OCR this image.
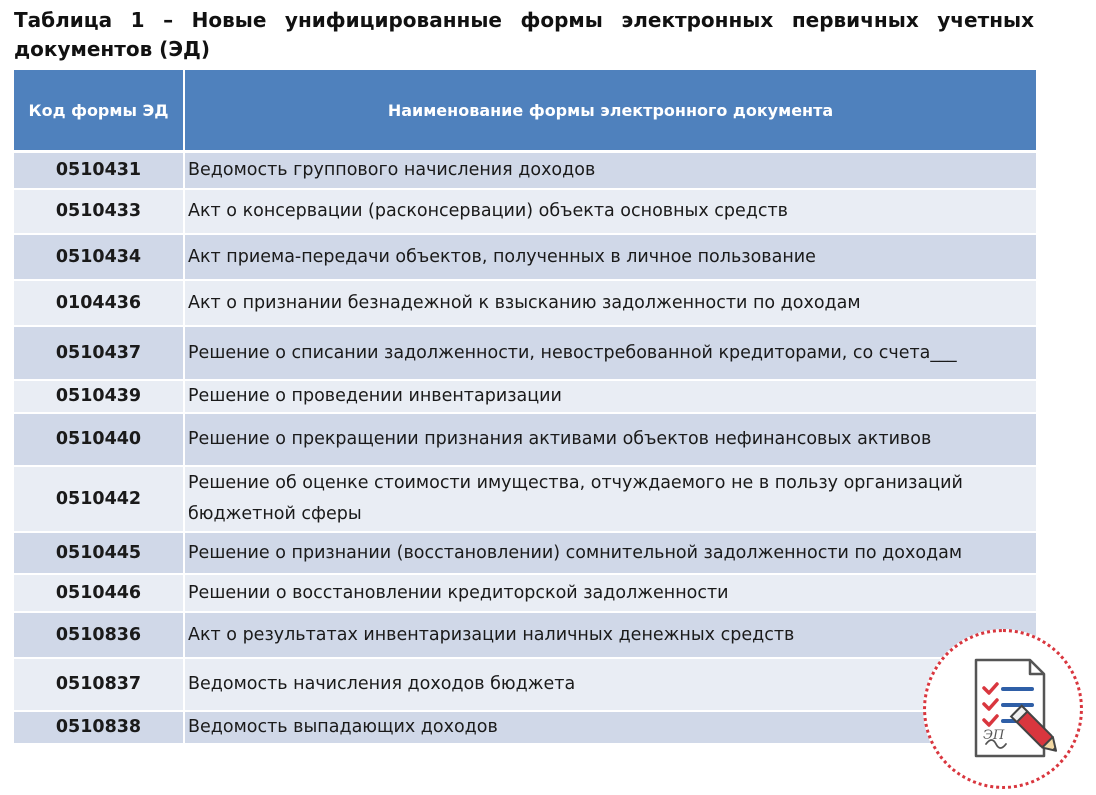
Таблица 1 – Новые унифицированные формы электронных первичных учетных документов (ЭД)
Код формы ЭД	Наименование формы электронного документа
0510431	Ведомость группового начисления доходов
0510433	Акт о консервации (расконсервации) объекта основных средств
0510434	Акт приема-передачи объектов, полученных в личное пользование
0104436	Акт о признании безнадежной к взысканию задолженности по доходам
0510437	Решение о списании задолженности, невостребованной кредиторами, со счета___
0510439	Решение о проведении инвентаризации
0510440	Решение о прекращении признания активами объектов нефинансовых активов
0510442	Решение об оценке стоимости имущества, отчуждаемого не в пользу организаций бюджетной сферы
0510445	Решение о признании (восстановлении) сомнительной задолженности по доходам
0510446	Решении о восстановлении кредиторской задолженности
0510836	Акт о результатах инвентаризации наличных денежных средств
0510837	Ведомость начисления доходов бюджета
0510838	Ведомость выпадающих доходов	ЭП
